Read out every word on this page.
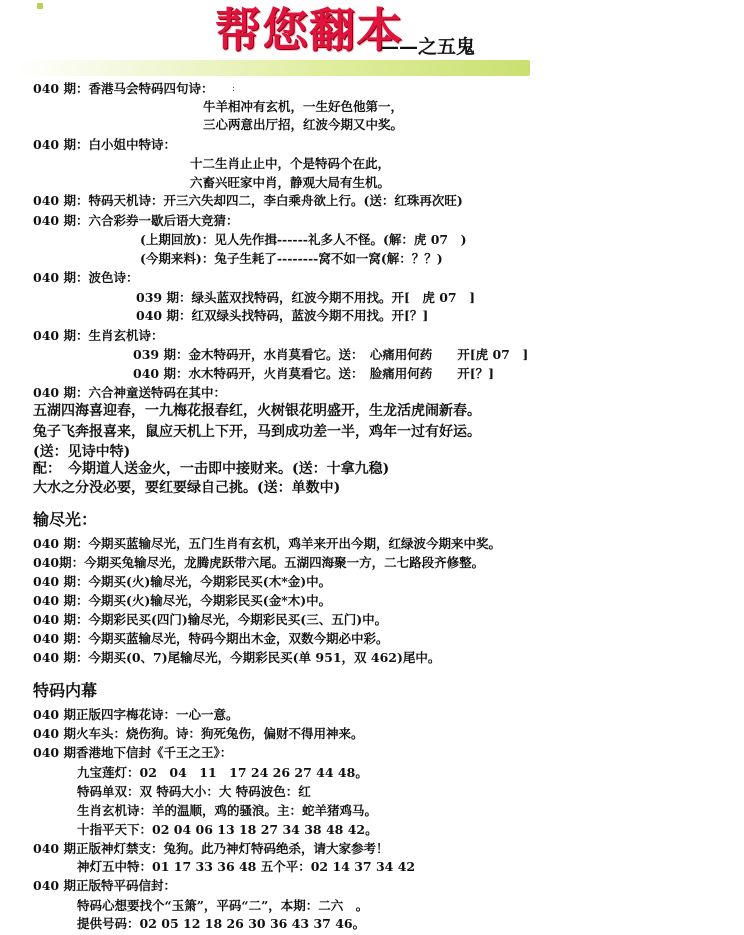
帮您翻本
——之五鬼
:
040 期：香港马会特码四句诗：
牛羊相冲有玄机，一生好色他第一，
三心两意出厅招，红波今期又中奖。
040 期：白小姐中特诗：
十二生肖止止中，个是特码个在此，
六畜兴旺家中肖，静观大局有生机。
040 期：特码天机诗：开三六失却四二，李白乘舟欲上行。(送：红珠再次旺)
040 期：六合彩券一歇后语大竞猜：
(上期回放)：见人先作揖------礼多人不怪。(解：虎 07　)
(今期来料)：兔子生耗了--------窝不如一窝(解：？？)
040 期：波色诗：
039 期：绿头蓝双找特码，红波今期不用找。开[　虎 07　]
040 期：红双绿头找特码，蓝波今期不用找。开[？]
040 期：生肖玄机诗：
039 期：金木特码开，水肖莫看它。送：　心痛用何药　　开[虎 07　]
040 期：水木特码开，火肖莫看它。送：　脸痛用何药　　开[？]
040 期：六合神童送特码在其中：
五湖四海喜迎春，一九梅花报春红，火树银花明盛开，生龙活虎闹新春。
兔子飞奔报喜来，鼠应天机上下开，马到成功差一半，鸡年一过有好运。
(送：见诗中特)
配：　今期道人送金火，一击即中接财来。(送：十拿九稳)
大水之分没必要，要红要绿自己挑。(送：单数中)
输尽光：
040 期：今期买蓝输尽光，五门生肖有玄机，鸡羊来开出今期，红绿波今期来中奖。
040期：今期买兔输尽光，龙腾虎跃带六尾。五湖四海聚一方，二七路段齐修整。
040 期：今期买(火)输尽光，今期彩民买(木*金)中。
040 期：今期买(火)输尽光，今期彩民买(金*木)中。
040 期：今期彩民买(四门)输尽光，今期彩民买(三、五门)中。
040 期：今期买蓝输尽光，特码今期出木金，双数今期必中彩。
040 期：今期买(0、7)尾输尽光，今期彩民买(单 951，双 462)尾中。
特码内幕
040 期正版四字梅花诗：一心一意。
040 期火车头：烧伤狗。诗：狗死兔伤，偏财不得用神来。
040 期香港地下信封《千王之王》：
九宝莲灯：02　04　11　17 24 26 27 44 48。
特码单双：双 特码大小：大 特码波色：红
生肖玄机诗：羊的温顺，鸡的骚浪。主：蛇羊猪鸡马。
十指平天下：02 04 06 13 18 27 34 38 48 42。
040 期正版神灯禁支：兔狗。此乃神灯特码绝杀，请大家参考！
神灯五中特：01 17 33 36 48 五个平：02 14 37 34 42
040 期正版特平码信封：
特码心想要找个“玉箫”，平码“二”，本期：二六　。
提供号码：02 05 12 18 26 30 36 43 37 46。
